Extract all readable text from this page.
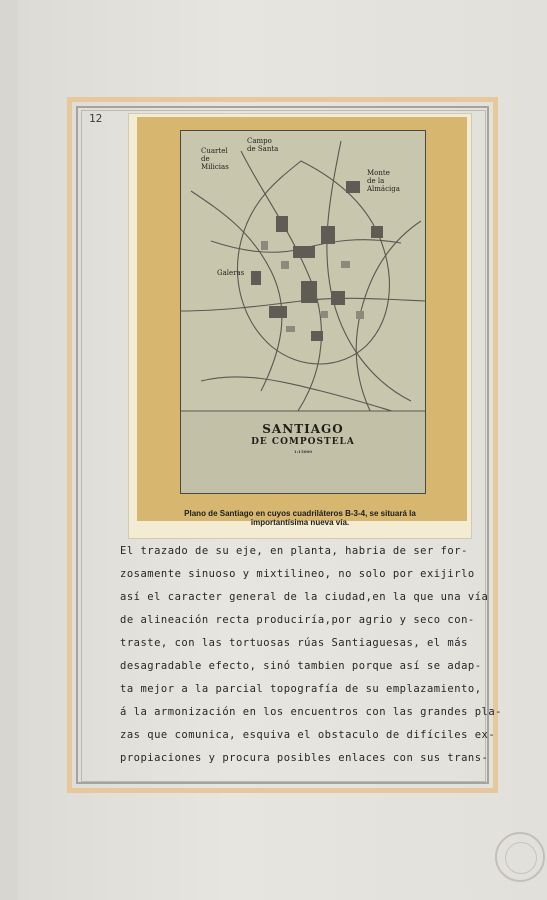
12
Cuartel
de
Milicias
Campo
de Santa
Monte
de la
Almáciga
Galeras
SANTIAGO
DE COMPOSTELA
1:15000
Plano de Santiago en cuyos cuadriláteros B-3-4, se situará la
importantísima nueva vía.

El trazado de su eje, en planta, habria de ser for-

zosamente sinuoso y mixtilineo, no solo por exijirlo

así el caracter general de la ciudad,en la que una vía

de alineación recta produciría,por agrio y seco con-

traste, con las tortuosas rúas Santiaguesas, el más

desagradable efecto, sinó tambien porque así se adap-

ta mejor a la parcial topografía de su emplazamiento,

á la armonización en los encuentros con las grandes pla-

zas que comunica, esquiva el obstaculo de difíciles ex-

propiaciones y procura posibles enlaces con sus trans-
